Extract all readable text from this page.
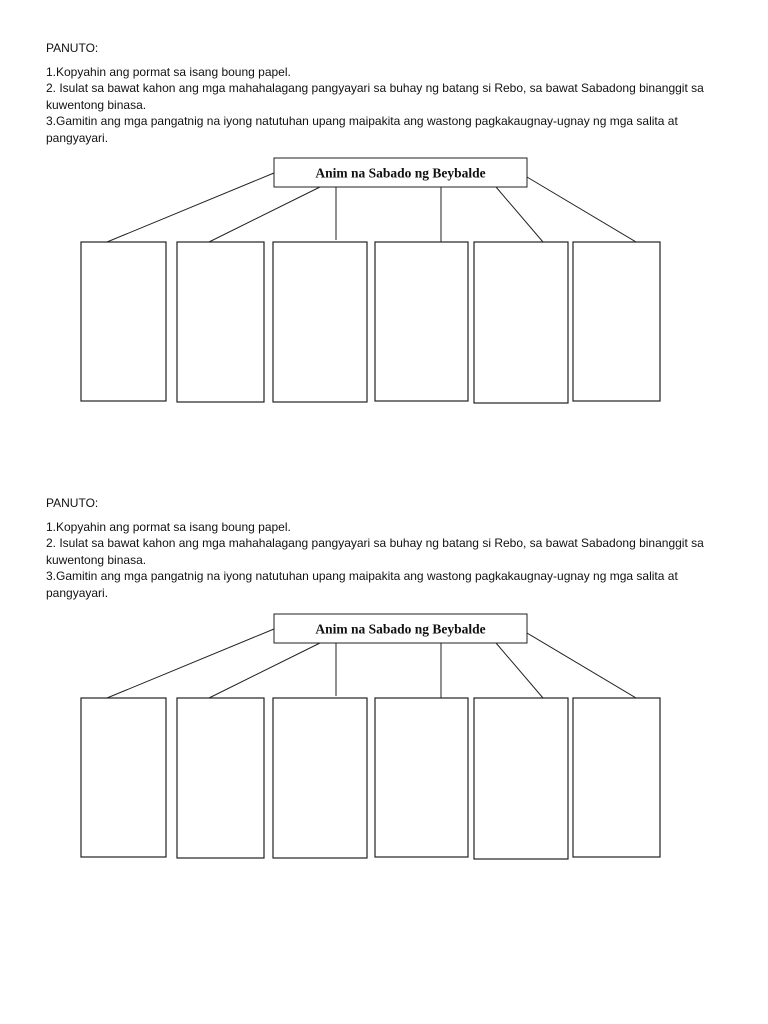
PANUTO:

1.Kopyahin ang pormat sa isang boung papel.

2. Isulat sa bawat kahon ang mga mahahalagang pangyayari sa buhay ng batang si Rebo, sa bawat Sabadong binanggit sa kuwentong binasa.

3.Gamitin ang mga pangatnig na iyong natutuhan upang maipakita ang wastong pagkakaugnay-ugnay ng mga salita at pangyayari.

Anim na Sabado ng Beybalde

PANUTO:

1.Kopyahin ang pormat sa isang boung papel.

2. Isulat sa bawat kahon ang mga mahahalagang pangyayari sa buhay ng batang si Rebo, sa bawat Sabadong binanggit sa kuwentong binasa.

3.Gamitin ang mga pangatnig na iyong natutuhan upang maipakita ang wastong pagkakaugnay-ugnay ng mga salita at pangyayari.

Anim na Sabado ng Beybalde
